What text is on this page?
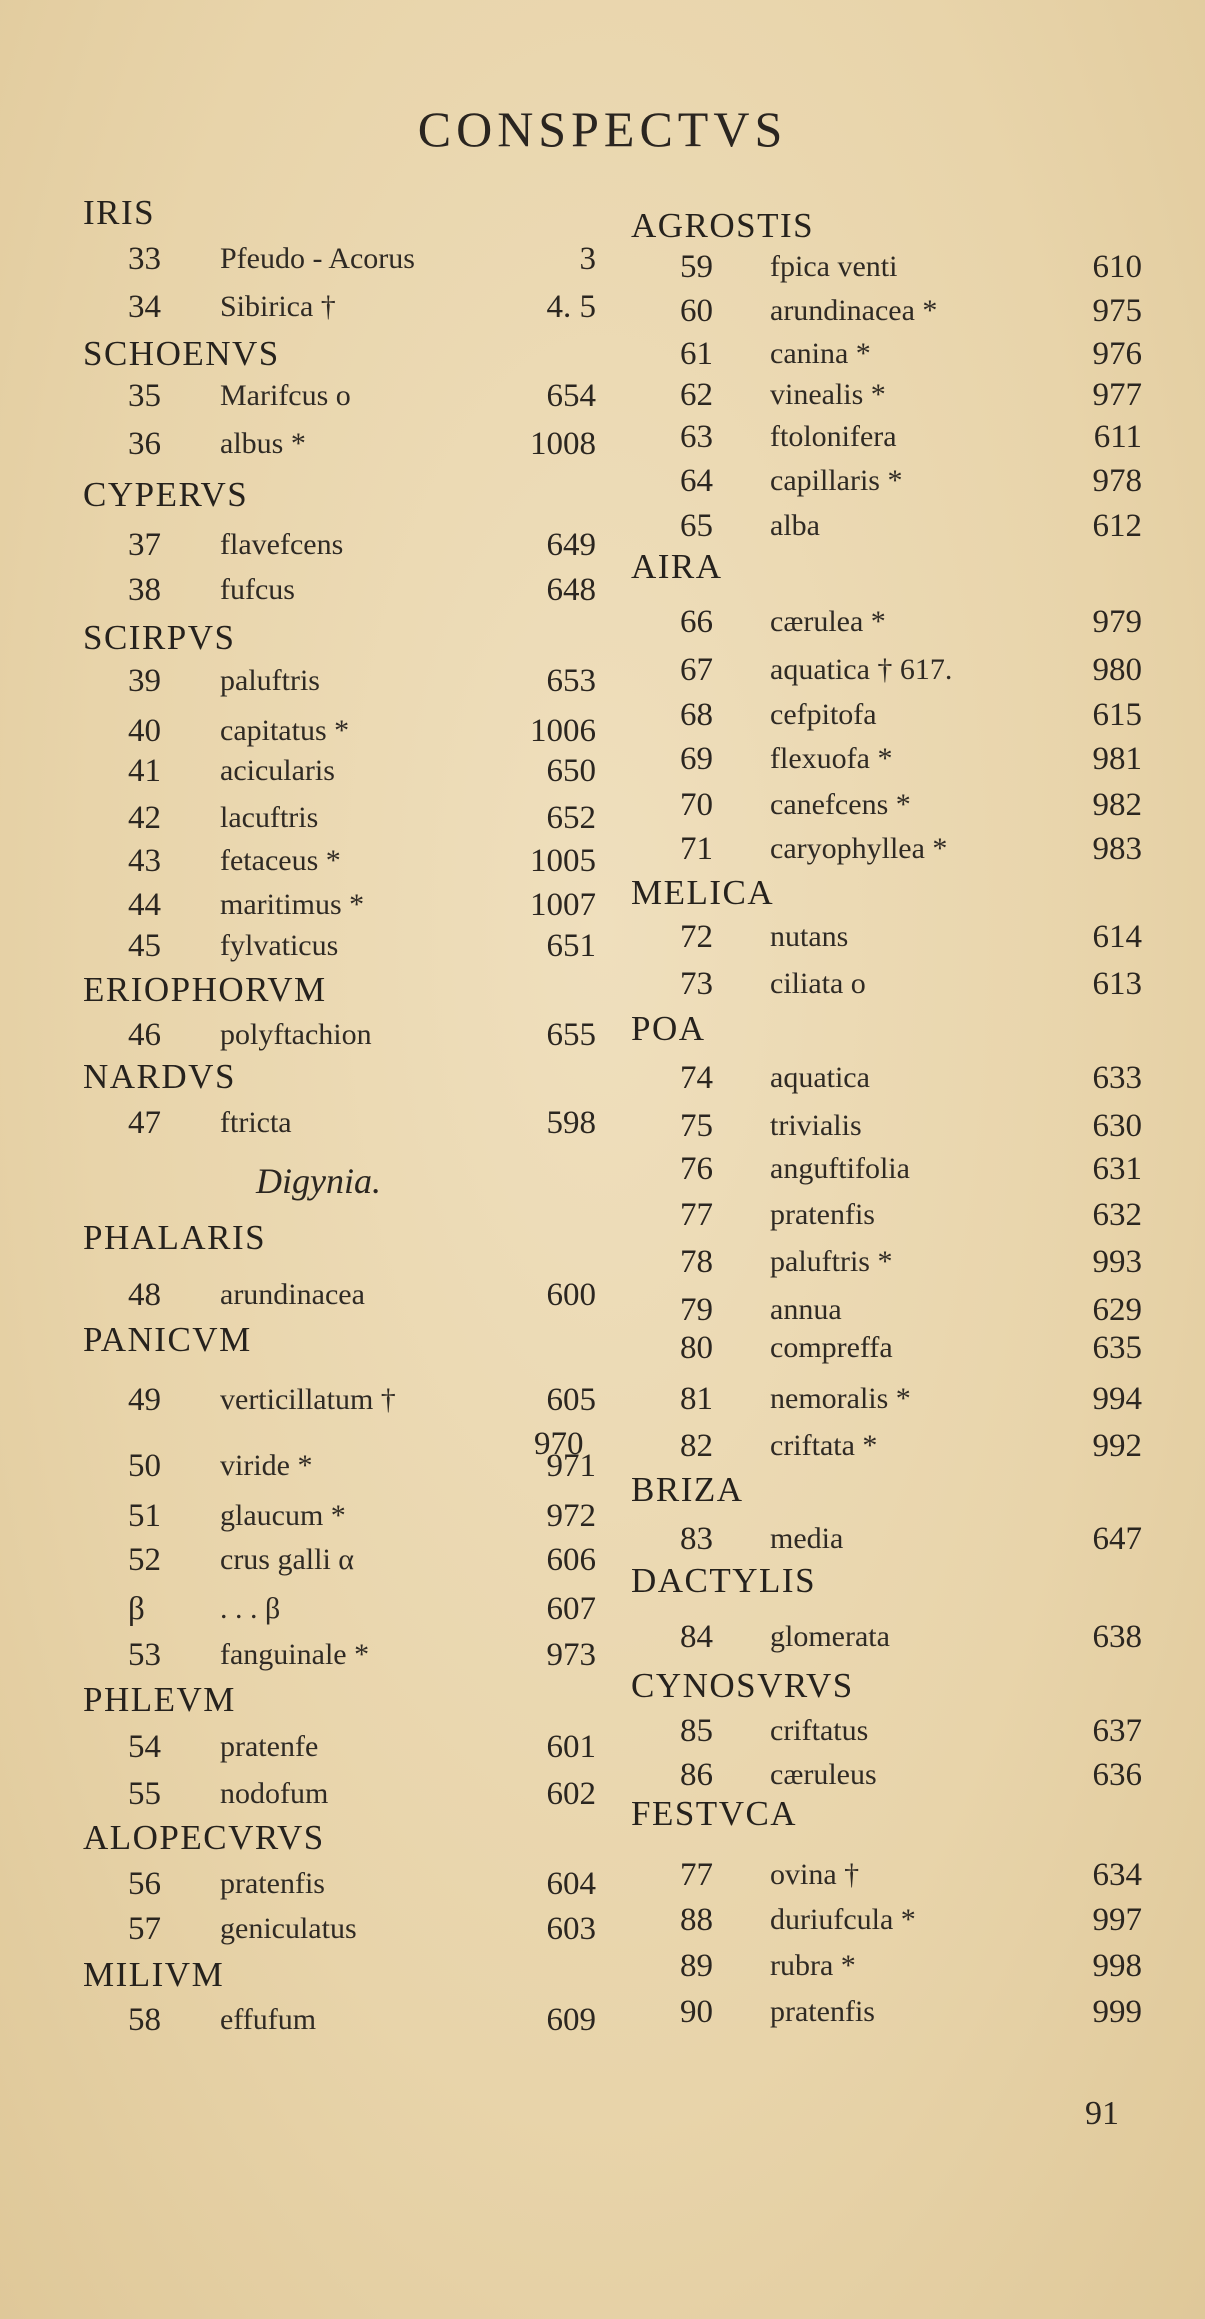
CONSPECTVS
IRIS
33 Pfeudo - Acorus	3
34 Sibirica †	4. 5
SCHOENVS
35 Marifcus o	654
36 albus *	1008
CYPERVS
37 flavefcens	649
38 fufcus	648
SCIRPVS
39 paluftris	653
40 capitatus *	1006
41 acicularis	650
42 lacuftris	652
43 fetaceus *	1005
44 maritimus *	1007
45 fylvaticus	651
ERIOPHORVM
46 polyftachion	655
NARDVS
47 ftricta	598
Digynia.
PHALARIS
48 arundinacea	600
PANICVM
49 verticillatum †	605
970
50 viride *	971
51 glaucum *	972
52 crus galli α	606
β	. . . β	607
53 fanguinale *	973
PHLEVM
54 pratenfe	601
55 nodofum	602
ALOPECVRVS
56 pratenfis	604
57 geniculatus	603
MILIVM
58 effufum	609
AGROSTIS
59 fpica venti	610
60 arundinacea *	975
61 canina *	976
62 vinealis *	977
63 ftolonifera	611
64 capillaris *	978
65 alba	612
AIRA
66 cærulea *	979
67 aquatica † 617.	980
68 cefpitofa	615
69 flexuofa *	981
70 canefcens *	982
71 caryophyllea *	983
MELICA
72 nutans	614
73 ciliata o	613
POA
74 aquatica	633
75 trivialis	630
76 anguftifolia	631
77 pratenfis	632
78 paluftris *	993
79 annua	629
80 compreffa	635
81 nemoralis *	994
82 criftata *	992
BRIZA
83 media	647
DACTYLIS
84 glomerata	638
CYNOSVRVS
85 criftatus	637
86 cæruleus	636
FESTVCA
77 ovina †	634
88 duriufcula *	997
89 rubra *	998
90 pratenfis	999
91
